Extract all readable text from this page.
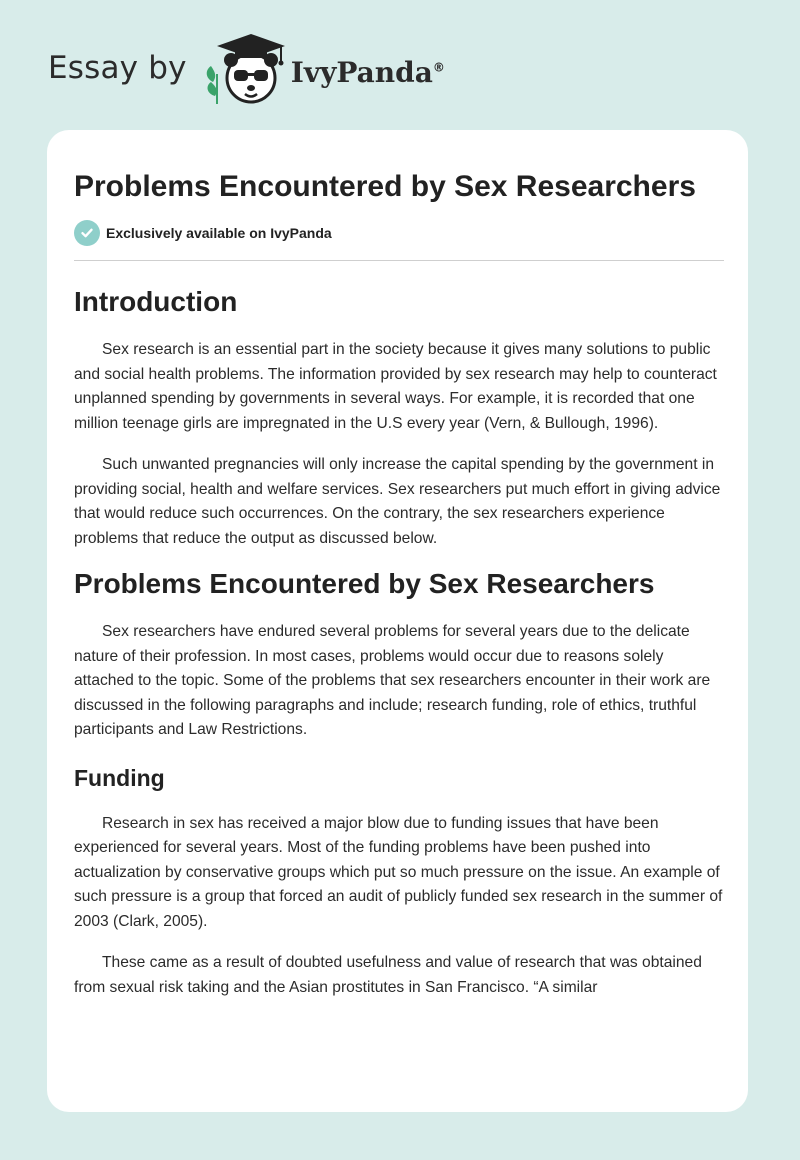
Essay by	IvyPanda®
Problems Encountered by Sex Researchers
Exclusively available on IvyPanda
Introduction

Sex research is an essential part in the society because it gives many solutions to public and social health problems. The information provided by sex research may help to counteract unplanned spending by governments in several ways. For example, it is recorded that one million teenage girls are impregnated in the U.S every year (Vern, & Bullough, 1996).

Such unwanted pregnancies will only increase the capital spending by the government in providing social, health and welfare services. Sex researchers put much effort in giving advice that would reduce such occurrences. On the contrary, the sex researchers experience problems that reduce the output as discussed below.

Problems Encountered by Sex Researchers

Sex researchers have endured several problems for several years due to the delicate nature of their profession. In most cases, problems would occur due to reasons solely attached to the topic. Some of the problems that sex researchers encounter in their work are discussed in the following paragraphs and include; research funding, role of ethics, truthful participants and Law Restrictions.

Funding

Research in sex has received a major blow due to funding issues that have been experienced for several years. Most of the funding problems have been pushed into actualization by conservative groups which put so much pressure on the issue. An example of such pressure is a group that forced an audit of publicly funded sex research in the summer of 2003 (Clark, 2005).

These came as a result of doubted usefulness and value of research that was obtained from sexual risk taking and the Asian prostitutes in San Francisco. “A similar
